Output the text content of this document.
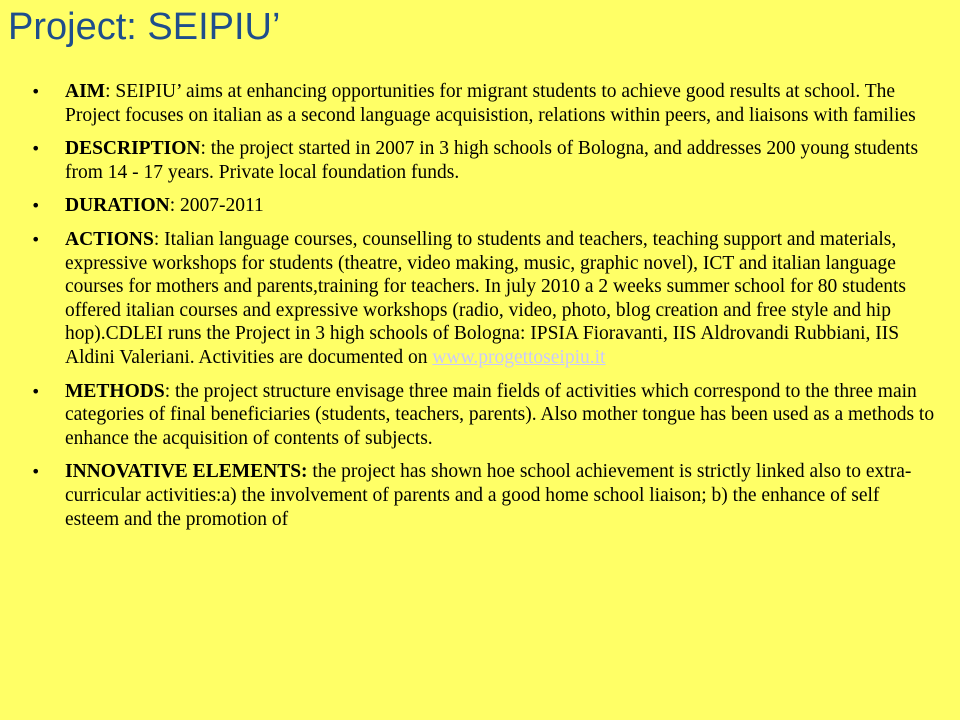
Project: SEIPIU’
• AIM: SEIPIU’ aims at enhancing opportunities for migrant students to achieve good results at school. The Project focuses on italian as a second language acquisistion, relations within peers, and liaisons with families
• DESCRIPTION: the project started in 2007 in 3 high schools of Bologna, and addresses 200 young students from 14 - 17 years. Private local foundation funds.
• DURATION: 2007-2011
• ACTIONS: Italian language courses, counselling to students and teachers, teaching support and materials, expressive workshops for students (theatre, video making, music, graphic novel), ICT and italian language courses for mothers and parents,training for teachers. In july 2010 a 2 weeks summer school for 80 students offered italian courses and expressive workshops (radio, video, photo, blog creation and free style and hip hop).CDLEI runs the Project in 3 high schools of Bologna: IPSIA Fioravanti, IIS Aldrovandi Rubbiani, IIS Aldini Valeriani. Activities are documented on www.progettoseipiu.it
• METHODS: the project structure envisage three main fields of activities which correspond to the three main categories of final beneficiaries (students, teachers, parents). Also mother tongue has been used as a methods to enhance the acquisition of contents of subjects.
• INNOVATIVE ELEMENTS: the project has shown hoe school achievement is strictly linked also to extra-curricular activities:a) the involvement of parents and a good home school liaison; b) the enhance of self esteem and the promotion of
